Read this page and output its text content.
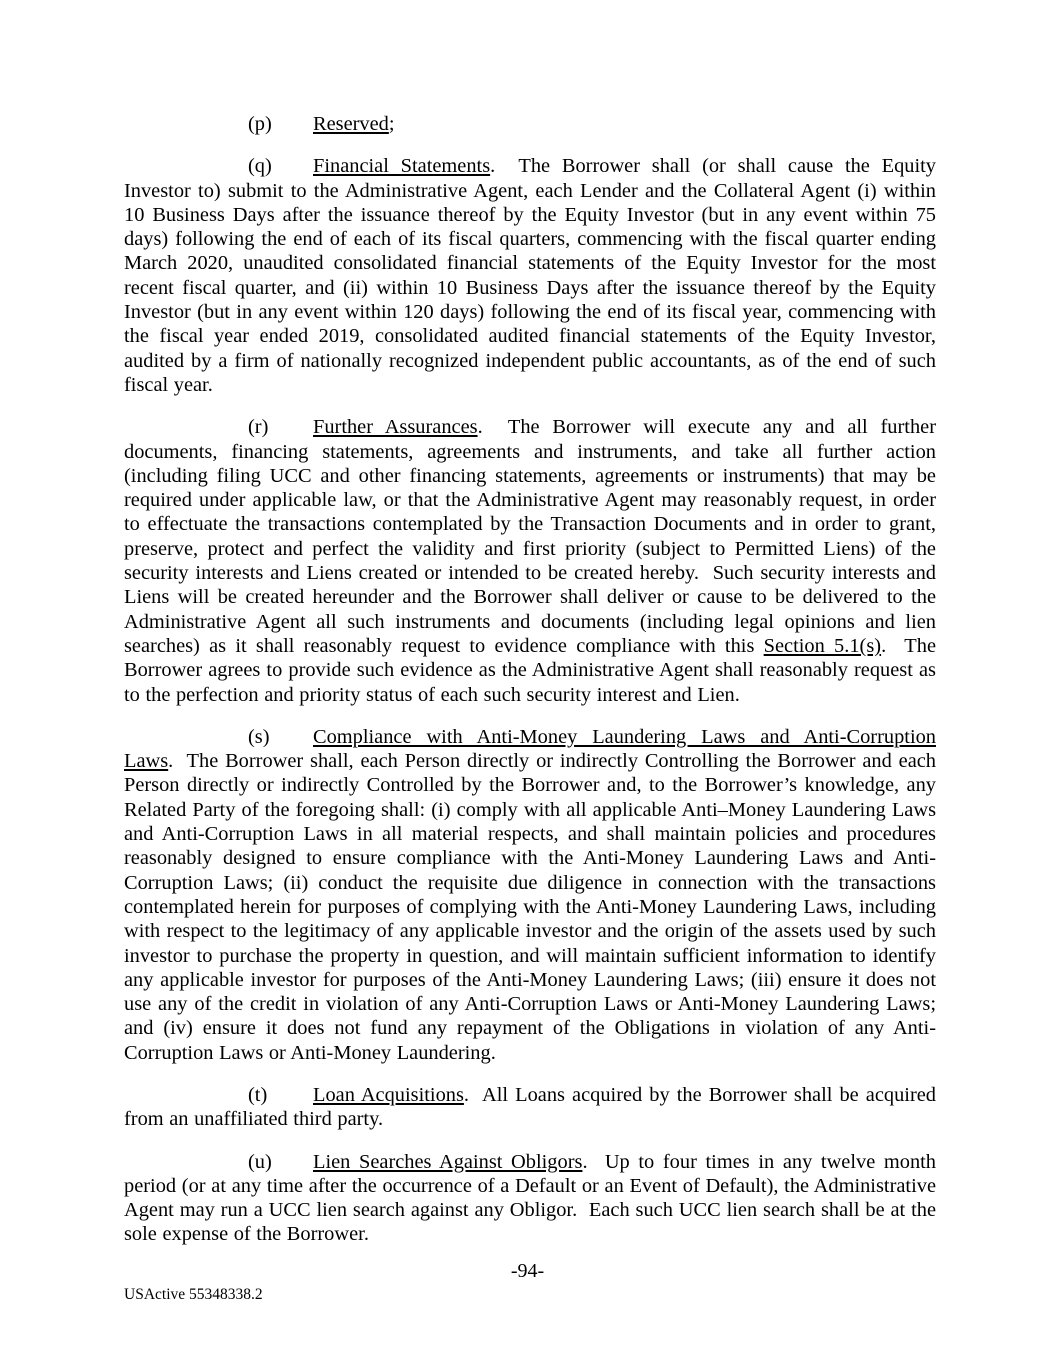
(p) Reserved;

(q) Financial Statements.  The Borrower shall (or shall cause the Equity Investor to) submit to the Administrative Agent, each Lender and the Collateral Agent (i) within 10 Business Days after the issuance thereof by the Equity Investor (but in any event within 75 days) following the end of each of its fiscal quarters, commencing with the fiscal quarter ending March 2020, unaudited consolidated financial statements of the Equity Investor for the most recent fiscal quarter, and (ii) within 10 Business Days after the issuance thereof by the Equity Investor (but in any event within 120 days) following the end of its fiscal year, commencing with the fiscal year ended 2019, consolidated audited financial statements of the Equity Investor, audited by a firm of nationally recognized independent public accountants, as of the end of such fiscal year.

(r) Further Assurances.  The Borrower will execute any and all further documents, financing statements, agreements and instruments, and take all further action (including filing UCC and other financing statements, agreements or instruments) that may be required under applicable law, or that the Administrative Agent may reasonably request, in order to effectuate the transactions contemplated by the Transaction Documents and in order to grant, preserve, protect and perfect the validity and first priority (subject to Permitted Liens) of the security interests and Liens created or intended to be created hereby.  Such security interests and Liens will be created hereunder and the Borrower shall deliver or cause to be delivered to the Administrative Agent all such instruments and documents (including legal opinions and lien searches) as it shall reasonably request to evidence compliance with this Section 5.1(s).  The Borrower agrees to provide such evidence as the Administrative Agent shall reasonably request as to the perfection and priority status of each such security interest and Lien.

(s) Compliance with Anti-Money Laundering Laws and Anti-Corruption Laws.  The Borrower shall, each Person directly or indirectly Controlling the Borrower and each Person directly or indirectly Controlled by the Borrower and, to the Borrower’s knowledge, any Related Party of the foregoing shall: (i) comply with all applicable Anti–Money Laundering Laws and Anti-Corruption Laws in all material respects, and shall maintain policies and procedures reasonably designed to ensure compliance with the Anti-Money Laundering Laws and Anti-Corruption Laws; (ii) conduct the requisite due diligence in connection with the transactions contemplated herein for purposes of complying with the Anti-Money Laundering Laws, including with respect to the legitimacy of any applicable investor and the origin of the assets used by such investor to purchase the property in question, and will maintain sufficient information to identify any applicable investor for purposes of the Anti-Money Laundering Laws; (iii) ensure it does not use any of the credit in violation of any Anti-Corruption Laws or Anti-Money Laundering Laws; and (iv) ensure it does not fund any repayment of the Obligations in violation of any Anti-Corruption Laws or Anti-Money Laundering.

(t) Loan Acquisitions.  All Loans acquired by the Borrower shall be acquired from an unaffiliated third party.

(u) Lien Searches Against Obligors.  Up to four times in any twelve month period (or at any time after the occurrence of a Default or an Event of Default), the Administrative Agent may run a UCC lien search against any Obligor.  Each such UCC lien search shall be at the sole expense of the Borrower.

-94-
USActive 55348338.2
